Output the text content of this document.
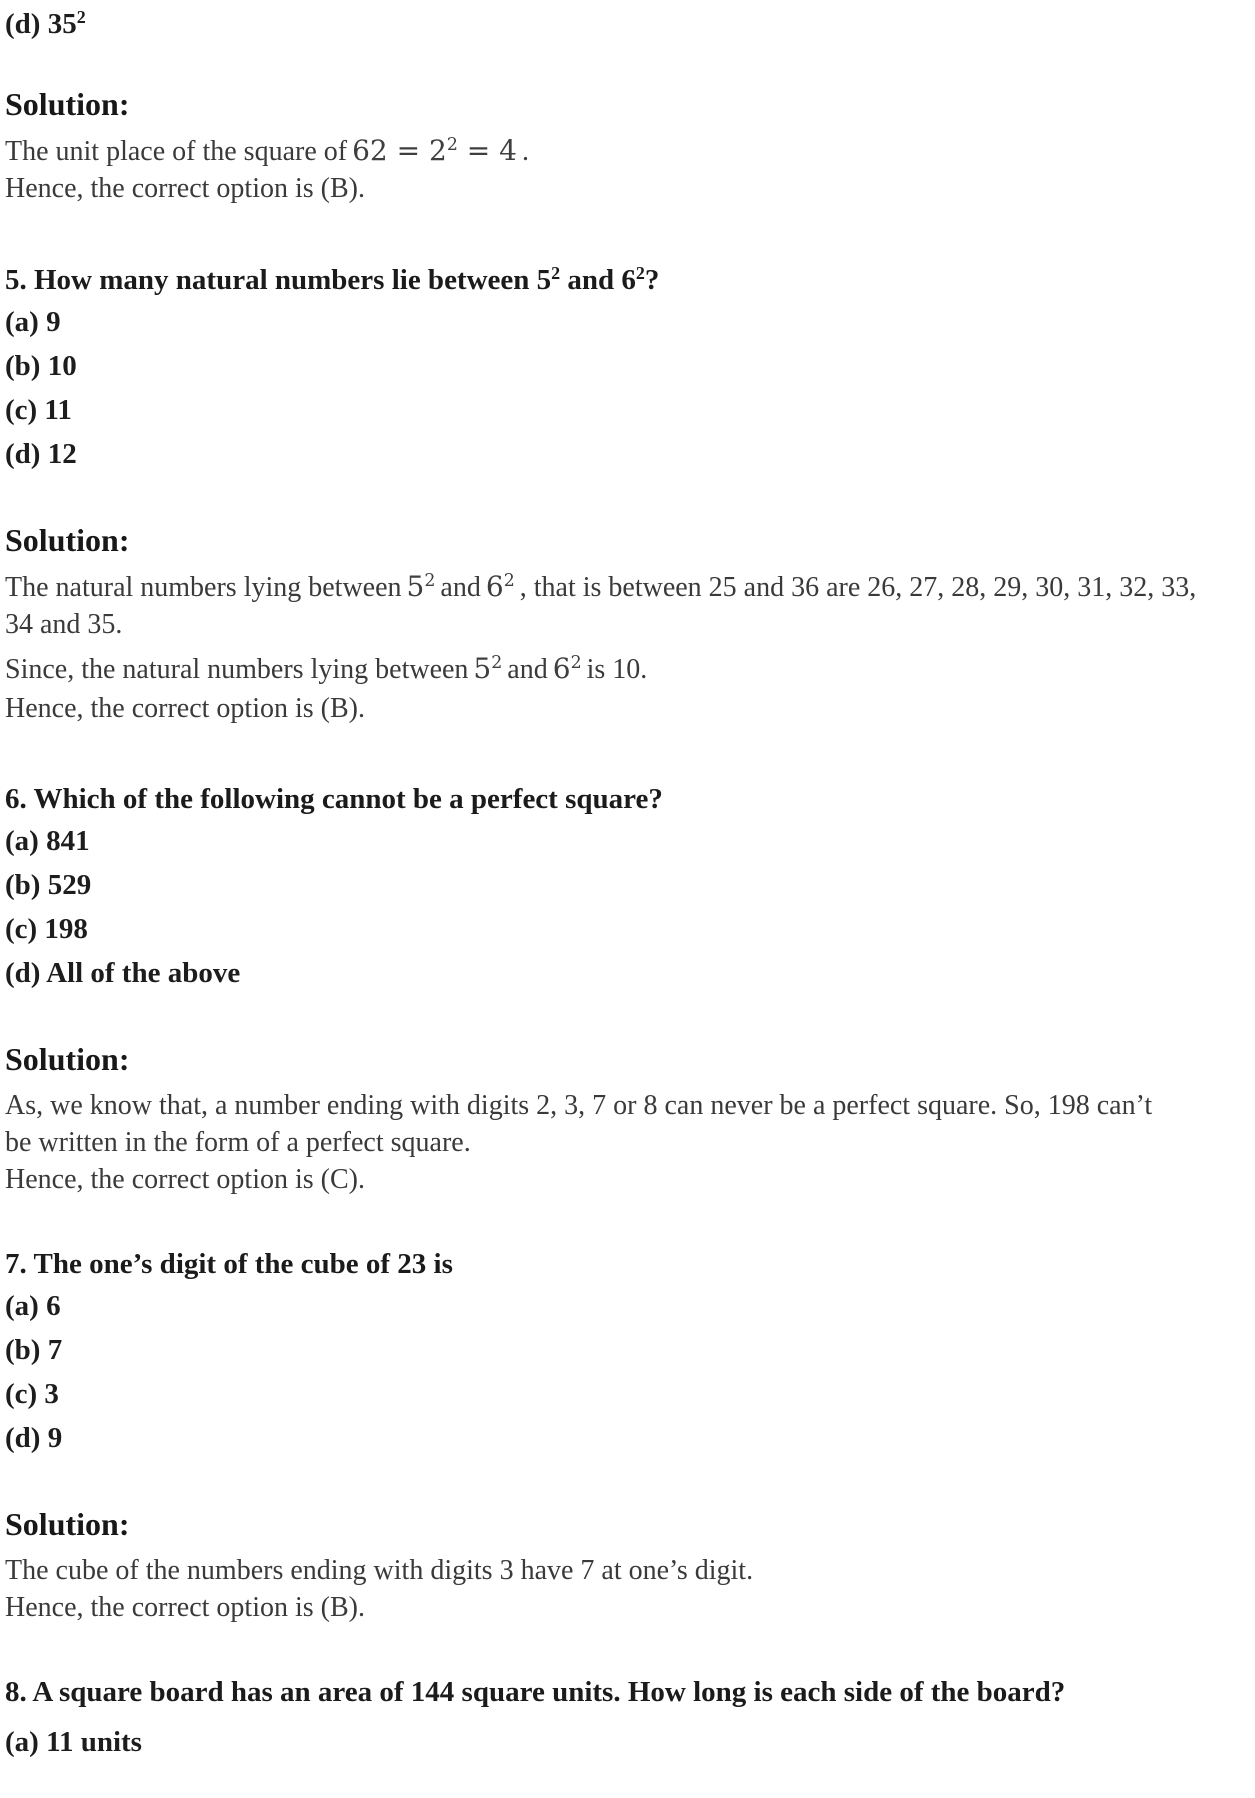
(d) $35^2$
Solution:

The unit place of the square of $62 = 2^2 = 4$ .

Hence, the correct option is (B).

5. How many natural numbers lie between $5^2$ and $6^2$?
(a) 9
(b) 10
(c) 11
(d) 12
Solution:

The natural numbers lying between $5^2$ and $6^2$ , that is between 25 and 36 are 26, 27, 28, 29, 30, 31, 32, 33, 34 and 35.

Since, the natural numbers lying between $5^2$ and $6^2$ is 10.

Hence, the correct option is (B).

6. Which of the following cannot be a perfect square?
(a) 841
(b) 529
(c) 198
(d) All of the above
Solution:

As, we know that, a number ending with digits 2, 3, 7 or 8 can never be a perfect square. So, 198 can’t be written in the form of a perfect square.

Hence, the correct option is (C).

7. The one’s digit of the cube of 23 is
(a) 6
(b) 7
(c) 3
(d) 9
Solution:

The cube of the numbers ending with digits 3 have 7 at one’s digit.

Hence, the correct option is (B).

8. A square board has an area of 144 square units. How long is each side of the board?
(a) 11 units
